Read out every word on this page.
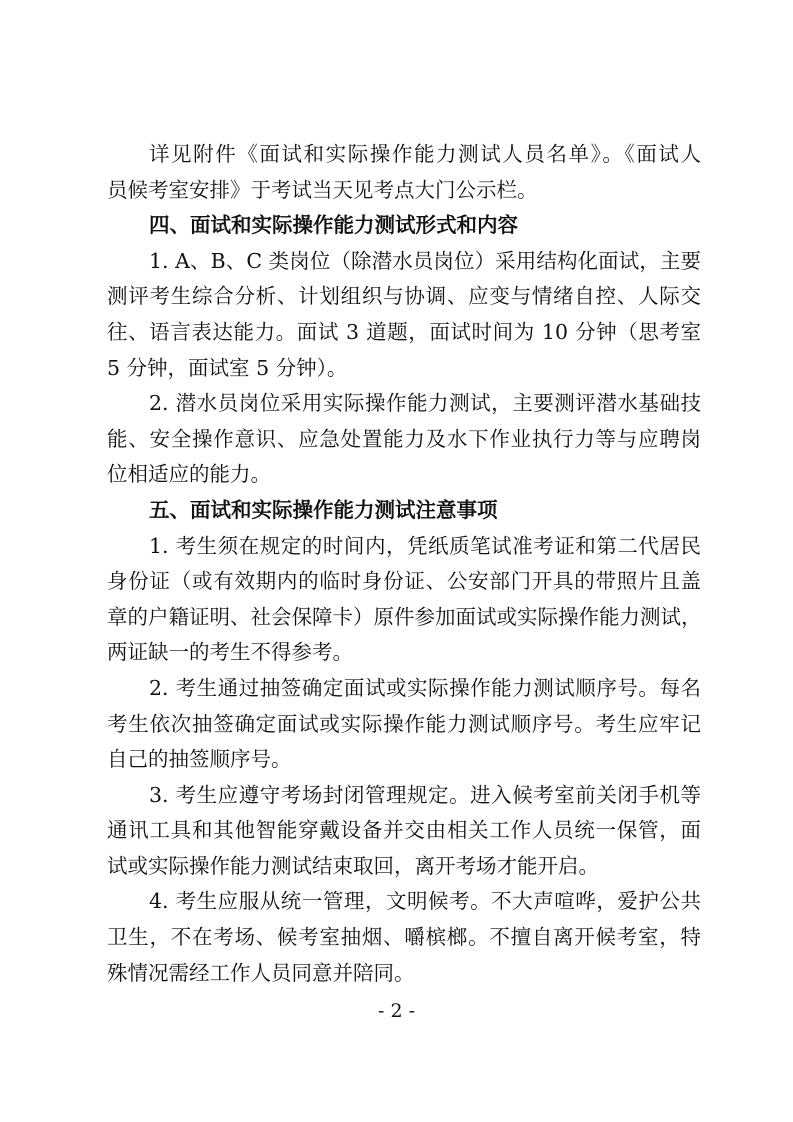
详见附件《面试和实际操作能力测试人员名单》。《面试人
员候考室安排》于考试当天见考点大门公示栏。
四、面试和实际操作能力测试形式和内容
1. A、B、C 类岗位（除潜水员岗位）采用结构化面试，主要
测评考生综合分析、计划组织与协调、应变与情绪自控、人际交
往、语言表达能力。面试 3 道题，面试时间为 10 分钟（思考室
5 分钟，面试室 5 分钟）。
2. 潜水员岗位采用实际操作能力测试，主要测评潜水基础技
能、安全操作意识、应急处置能力及水下作业执行力等与应聘岗
位相适应的能力。
五、面试和实际操作能力测试注意事项
1. 考生须在规定的时间内，凭纸质笔试准考证和第二代居民
身份证（或有效期内的临时身份证、公安部门开具的带照片且盖
章的户籍证明、社会保障卡）原件参加面试或实际操作能力测试，
两证缺一的考生不得参考。
2. 考生通过抽签确定面试或实际操作能力测试顺序号。每名
考生依次抽签确定面试或实际操作能力测试顺序号。考生应牢记
自己的抽签顺序号。
3. 考生应遵守考场封闭管理规定。进入候考室前关闭手机等
通讯工具和其他智能穿戴设备并交由相关工作人员统一保管，面
试或实际操作能力测试结束取回，离开考场才能开启。
4. 考生应服从统一管理，文明候考。不大声喧哗，爱护公共
卫生，不在考场、候考室抽烟、嚼槟榔。不擅自离开候考室，特
殊情况需经工作人员同意并陪同。
- 2 -
